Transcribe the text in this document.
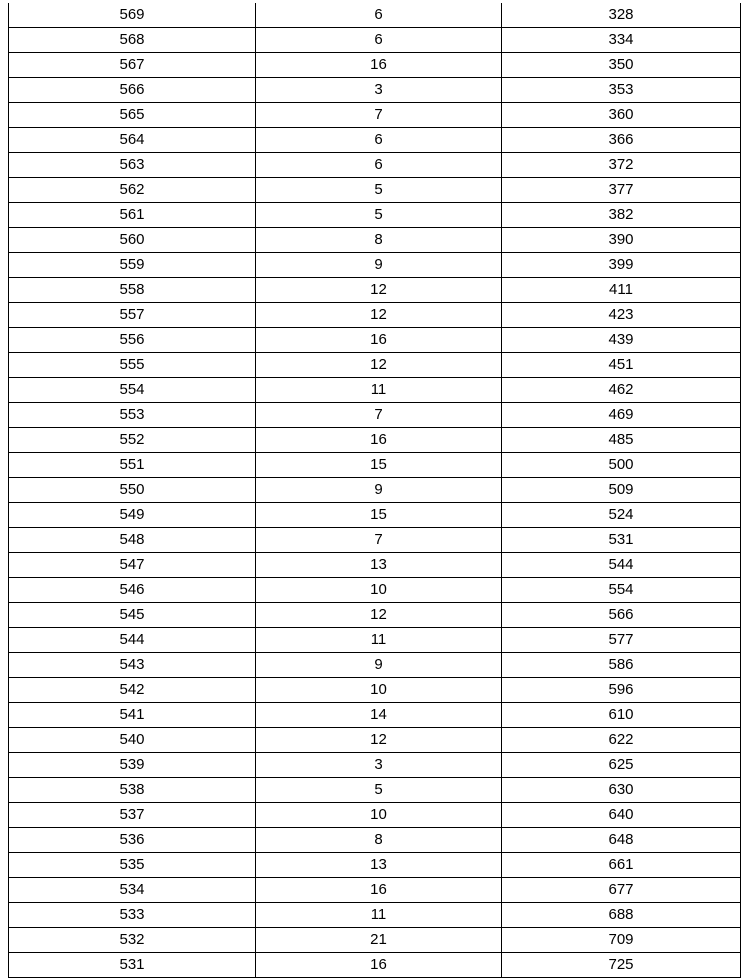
569	6	328
568	6	334
567	16	350
566	3	353
565	7	360
564	6	366
563	6	372
562	5	377
561	5	382
560	8	390
559	9	399
558	12	411
557	12	423
556	16	439
555	12	451
554	11	462
553	7	469
552	16	485
551	15	500
550	9	509
549	15	524
548	7	531
547	13	544
546	10	554
545	12	566
544	11	577
543	9	586
542	10	596
541	14	610
540	12	622
539	3	625
538	5	630
537	10	640
536	8	648
535	13	661
534	16	677
533	11	688
532	21	709
531	16	725
